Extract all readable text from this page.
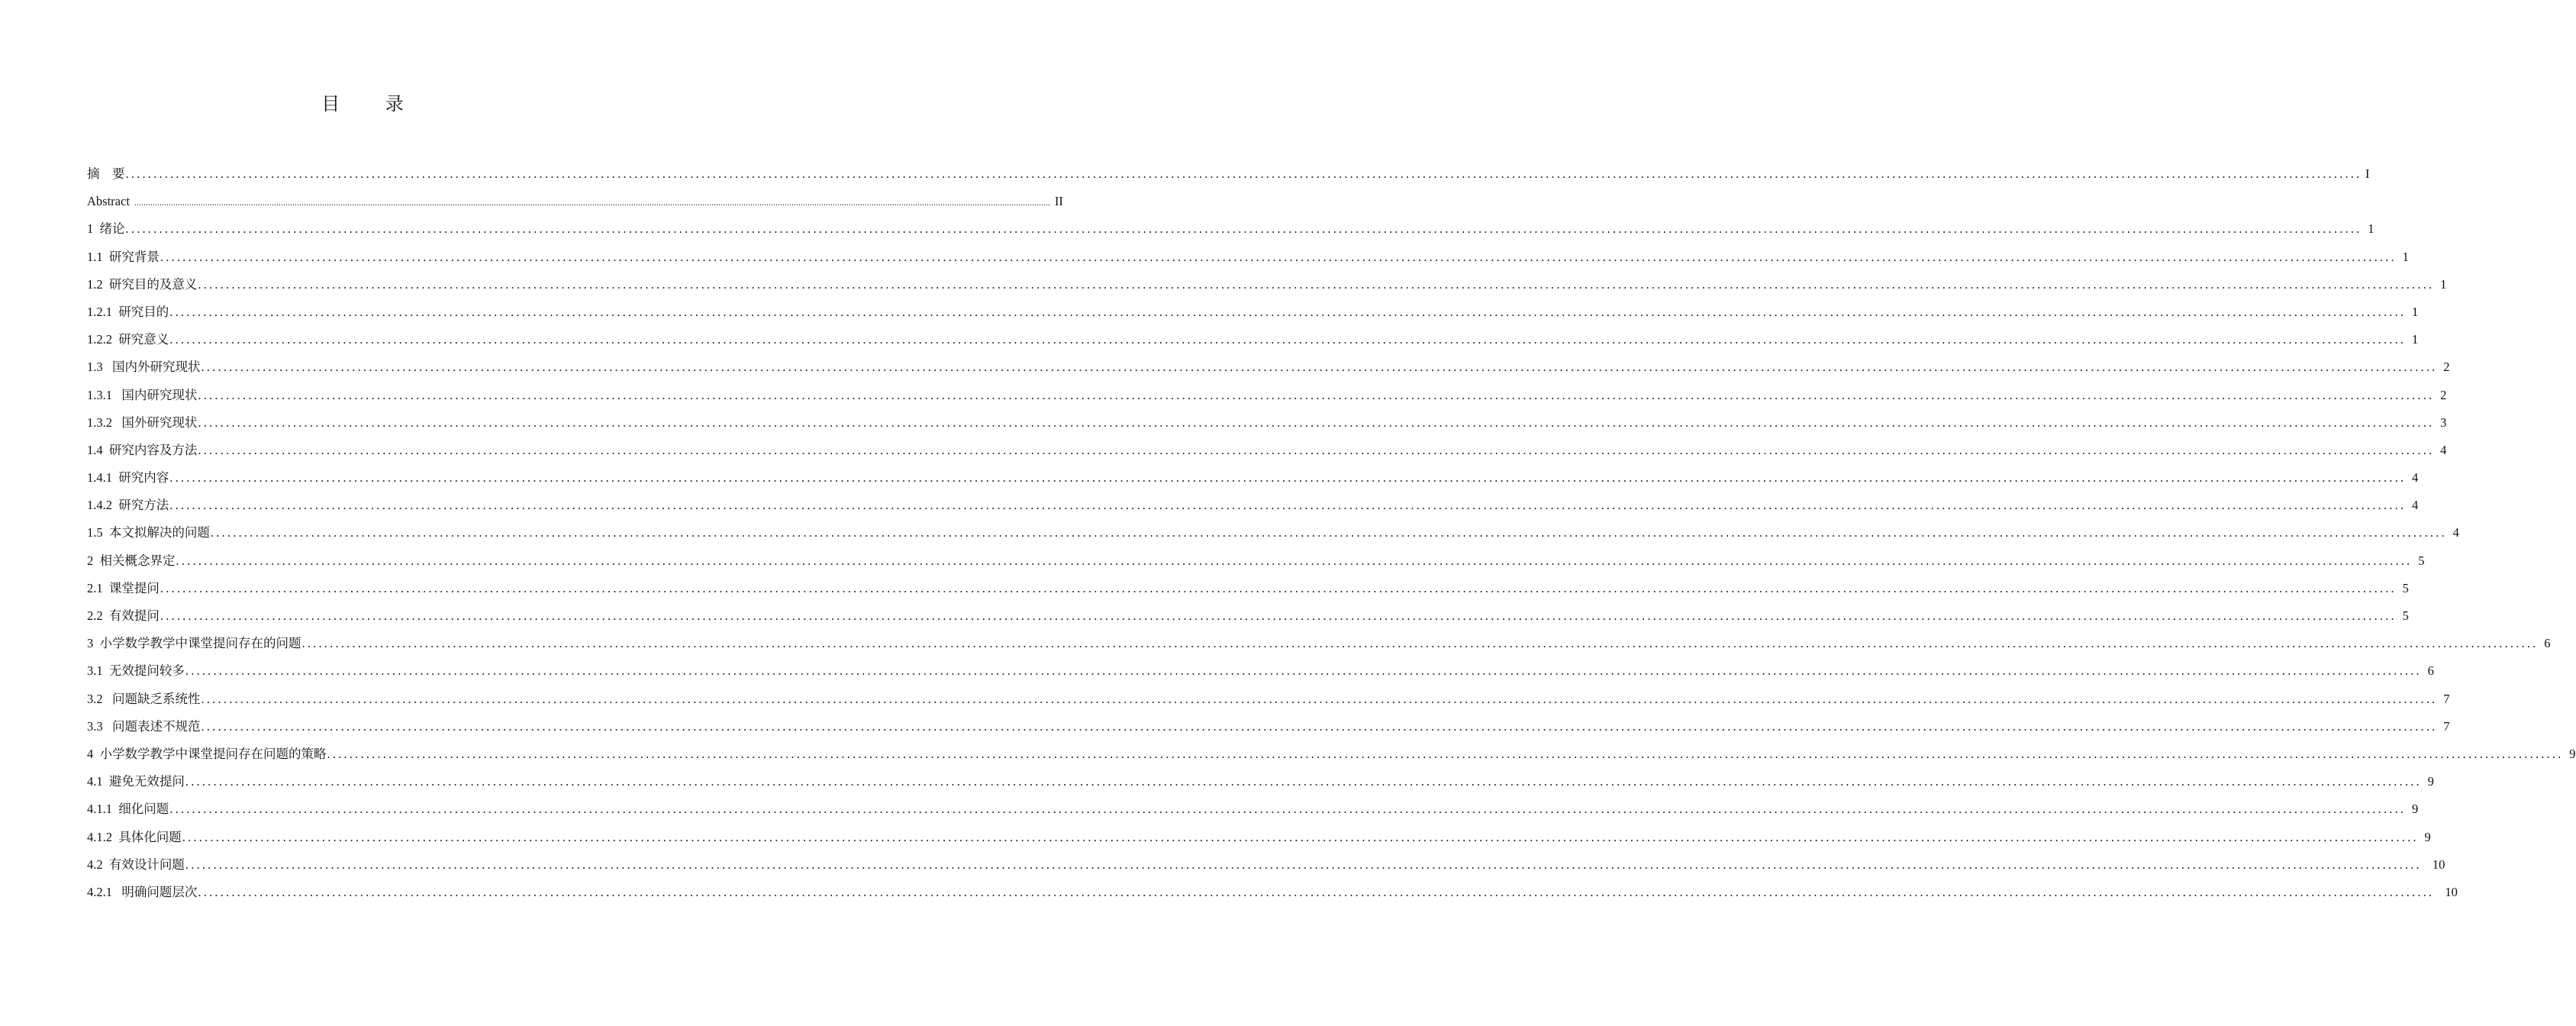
目 录
摘    要 ................................................................................................................................................................................................................................................................................................................................................................................................................ I
Abstract ................................................................................................................................................................................................................................................................................................................................................................................................................ II
1  绪论 ................................................................................................................................................................................................................................................................................................................................................................................................................ 1
1.1  研究背景 ................................................................................................................................................................................................................................................................................................................................................................................................................ 1
1.2  研究目的及意义 ................................................................................................................................................................................................................................................................................................................................................................................................................ 1
1.2.1  研究目的 ................................................................................................................................................................................................................................................................................................................................................................................................................ 1
1.2.2  研究意义 ................................................................................................................................................................................................................................................................................................................................................................................................................ 1
1.3   国内外研究现状 ................................................................................................................................................................................................................................................................................................................................................................................................................ 2
1.3.1   国内研究现状 ................................................................................................................................................................................................................................................................................................................................................................................................................ 2
1.3.2   国外研究现状 ................................................................................................................................................................................................................................................................................................................................................................................................................ 3
1.4  研究内容及方法 ................................................................................................................................................................................................................................................................................................................................................................................................................ 4
1.4.1  研究内容 ................................................................................................................................................................................................................................................................................................................................................................................................................ 4
1.4.2  研究方法 ................................................................................................................................................................................................................................................................................................................................................................................................................ 4
1.5  本文拟解决的问题 ................................................................................................................................................................................................................................................................................................................................................................................................................ 4
2  相关概念界定 ................................................................................................................................................................................................................................................................................................................................................................................................................ 5
2.1  课堂提问 ................................................................................................................................................................................................................................................................................................................................................................................................................ 5
2.2  有效提问 ................................................................................................................................................................................................................................................................................................................................................................................................................ 5
3  小学数学教学中课堂提问存在的问题 ................................................................................................................................................................................................................................................................................................................................................................................................................ 6
3.1  无效提问较多 ................................................................................................................................................................................................................................................................................................................................................................................................................ 6
3.2   问题缺乏系统性 ................................................................................................................................................................................................................................................................................................................................................................................................................ 7
3.3   问题表述不规范 ................................................................................................................................................................................................................................................................................................................................................................................................................ 7
4  小学数学教学中课堂提问存在问题的策略 ................................................................................................................................................................................................................................................................................................................................................................................................................ 9
4.1  避免无效提问 ................................................................................................................................................................................................................................................................................................................................................................................................................ 9
4.1.1  细化问题 ................................................................................................................................................................................................................................................................................................................................................................................................................ 9
4.1.2  具体化问题 ................................................................................................................................................................................................................................................................................................................................................................................................................ 9
4.2  有效设计问题 ................................................................................................................................................................................................................................................................................................................................................................................................................ 10
4.2.1   明确问题层次 ................................................................................................................................................................................................................................................................................................................................................................................................................ 10
